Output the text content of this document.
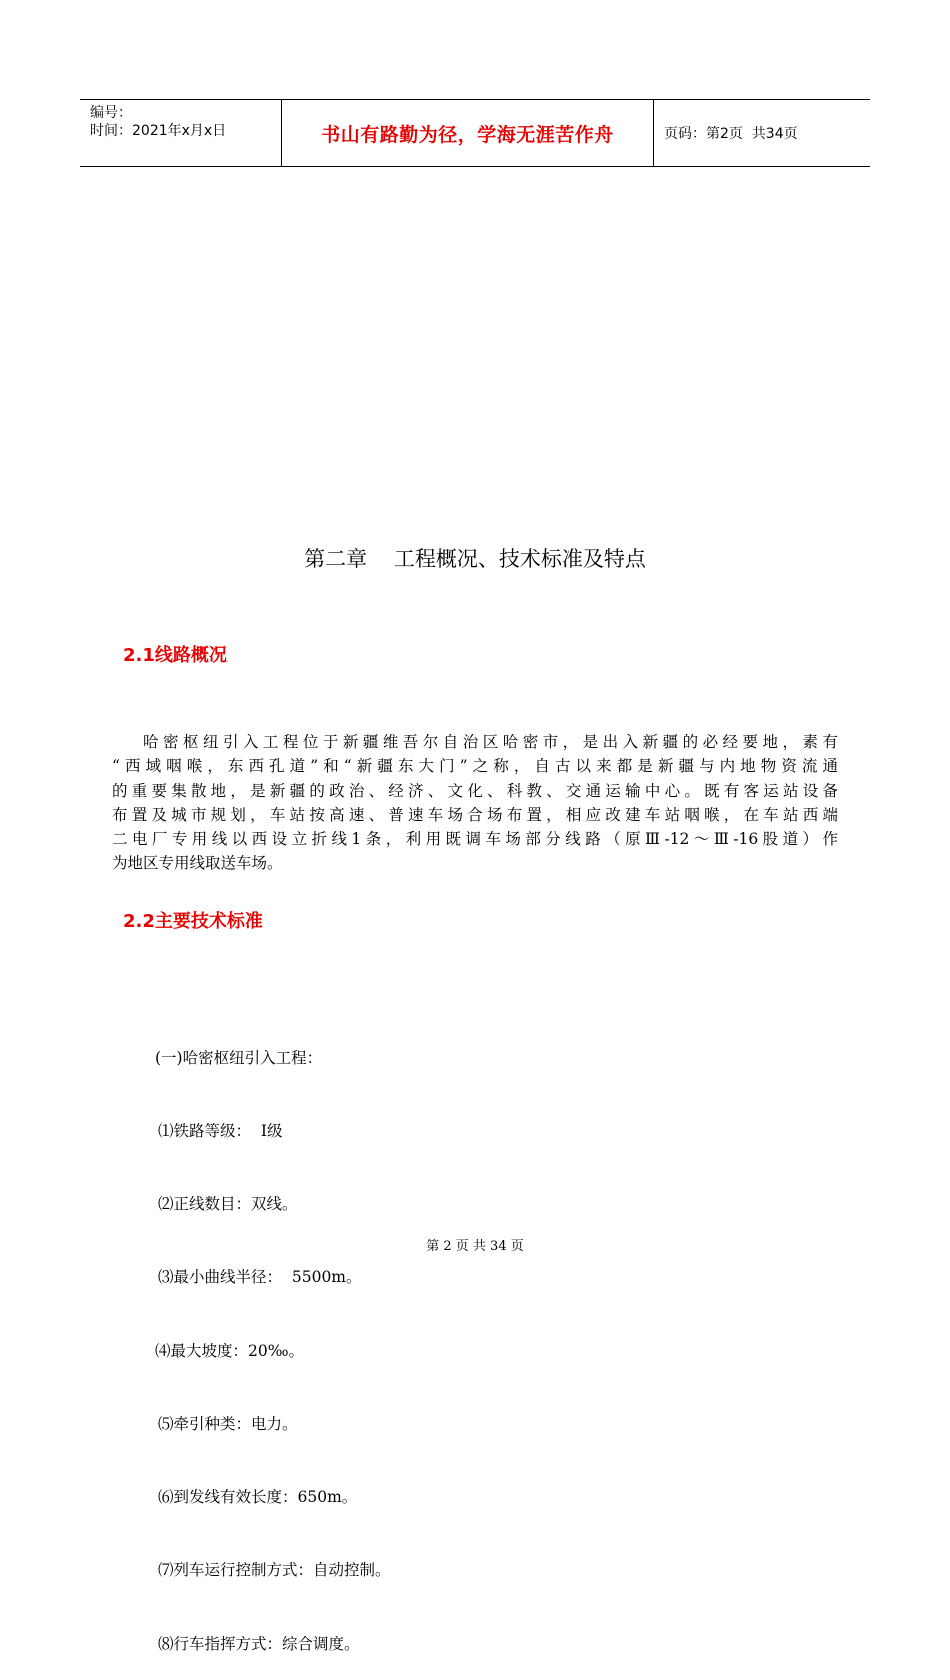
编号：
时间：2021年x月x日	书山有路勤为径，学海无涯苦作舟	页码：第2页  共34页
第二章    工程概况、技术标准及特点
2.1线路概况
哈密枢纽引入工程位于新疆维吾尔自治区哈密市，是出入新疆的必经要地，素有
“西域咽喉，东西孔道”和“新疆东大门”之称，自古以来都是新疆与内地物资流通
的重要集散地，是新疆的政治、经济、文化、科教、交通运输中心。既有客运站设备
布置及城市规划，车站按高速、普速车场合场布置，相应改建车站咽喉，在车站西端
二电厂专用线以西设立折线1条，利用既调车场部分线路（原Ⅲ-12～Ⅲ-16股道）作
为地区专用线取送车场。
2.2主要技术标准

(一)哈密枢纽引入工程：

⑴铁路等级：  Ⅰ级

⑵正线数目：双线。

⑶最小曲线半径：  5500m。

⑷最大坡度：20‰。

⑸牵引种类：电力。

⑹到发线有效长度：650m。

⑺列车运行控制方式：自动控制。

⑻行车指挥方式：综合调度。

第 2 页 共 34 页
